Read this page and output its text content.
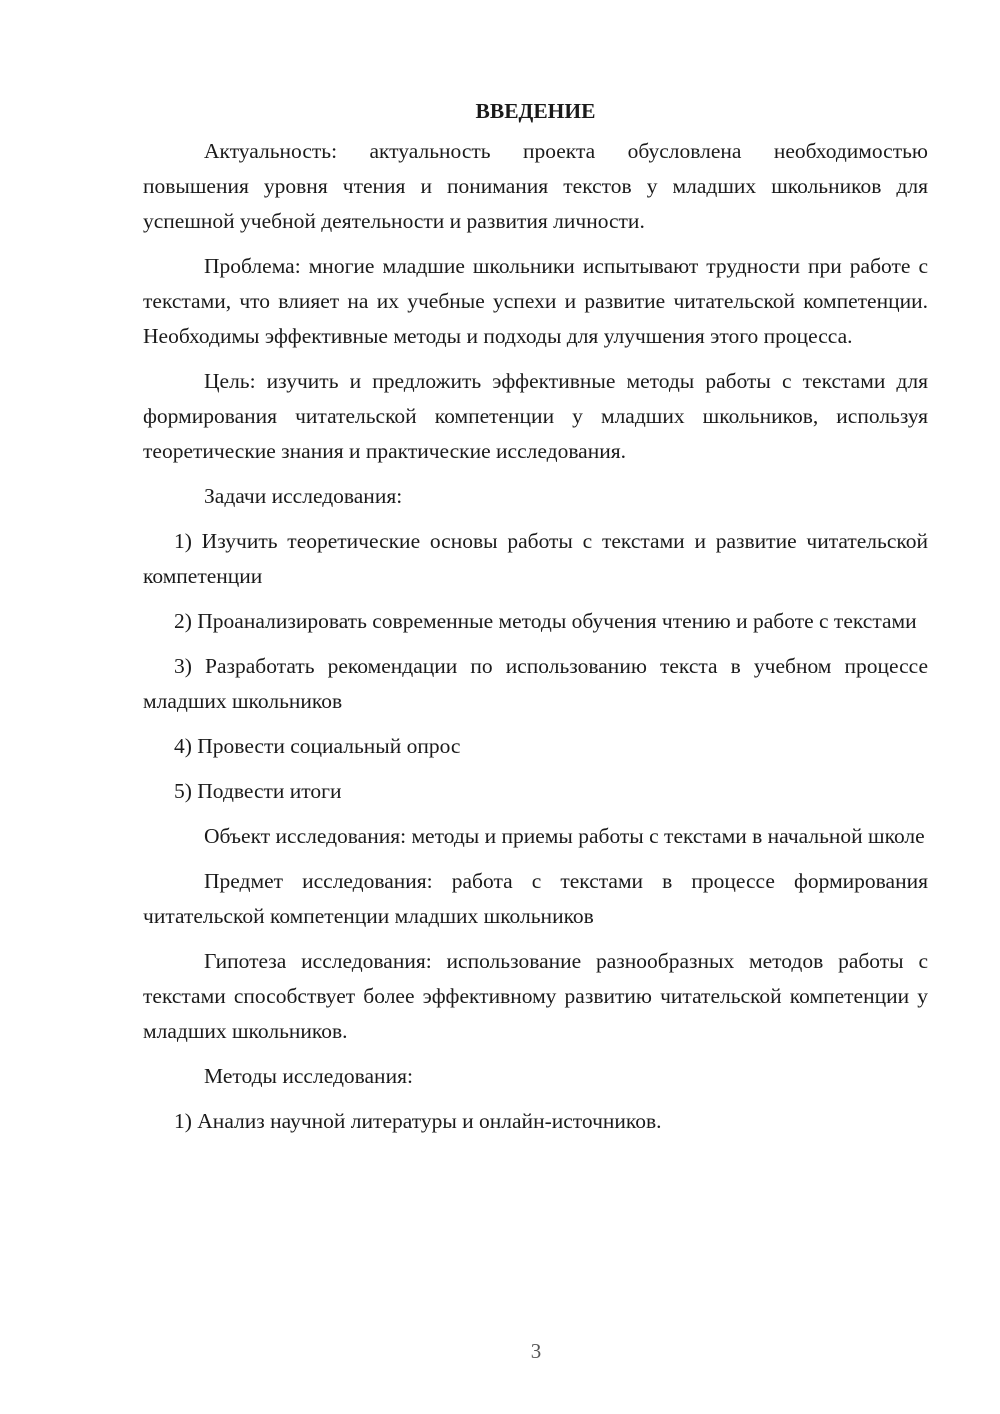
ВВЕДЕНИЕ
Актуальность: актуальность проекта обусловлена необходимостью повышения уровня чтения и понимания текстов у младших школьников для успешной учебной деятельности и развития личности.
Проблема: многие младшие школьники испытывают трудности при работе с текстами, что влияет на их учебные успехи и развитие читательской компетенции. Необходимы эффективные методы и подходы для улучшения этого процесса.
Цель: изучить и предложить эффективные методы работы с текстами для формирования читательской компетенции у младших школьников, используя теоретические знания и практические исследования.
Задачи исследования:
1) Изучить теоретические основы работы с текстами и развитие читательской компетенции
2) Проанализировать современные методы обучения чтению и работе с текстами
3) Разработать рекомендации по использованию текста в учебном процессе младших школьников
4) Провести социальный опрос
5) Подвести итоги
Объект исследования: методы и приемы работы с текстами в начальной школе
Предмет исследования: работа с текстами в процессе формирования читательской компетенции младших школьников
Гипотеза исследования: использование разнообразных методов работы с текстами способствует более эффективному развитию читательской компетенции у младших школьников.
Методы исследования:
1) Анализ научной литературы и онлайн-источников.
3
